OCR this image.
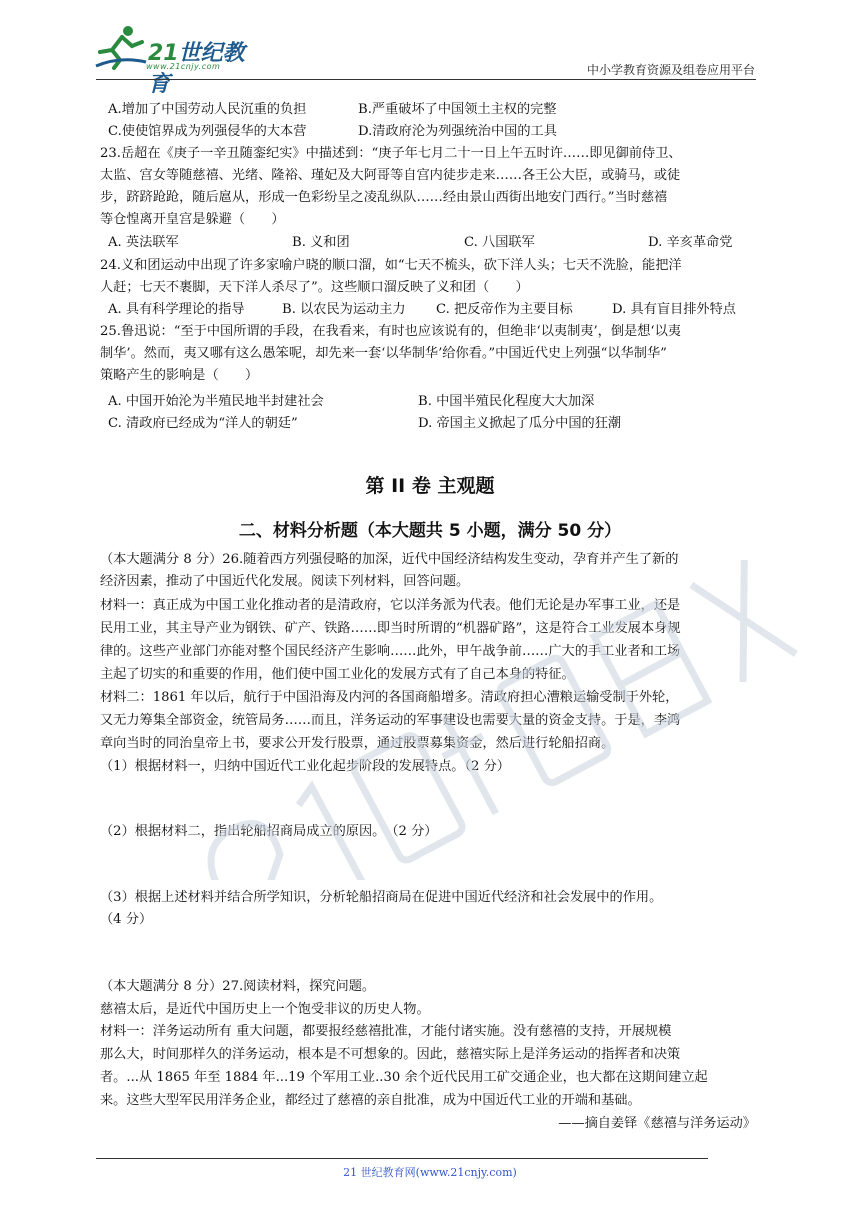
21世纪教育
www.21cnjy.com	中小学教育资源及组卷应用平台
A.增加了中国劳动人民沉重的负担	B.严重破坏了中国领土主权的完整
C.使使馆界成为列强侵华的大本营	D.清政府沦为列强统治中国的工具
23.岳超在《庚子一辛丑随銮纪实》中描述到：“庚子年七月二十一日上午五时许……即见御前侍卫、
太监、宫女等随慈禧、光绪、隆裕、瑾妃及大阿哥等自宫内徒步走来……各王公大臣，或骑马，或徒
步，跻跻跄跄，随后扈从，形成一色彩纷呈之凌乱纵队……经由景山西街出地安门西行。”当时慈禧
等仓惶离开皇宫是躲避（　　）
A. 英法联军	B. 义和团	C. 八国联军	D. 辛亥革命党
24.义和团运动中出现了许多家喻户晓的顺口溜，如“七天不梳头，砍下洋人头；七天不洗脸，能把洋
人赶；七天不裹脚，天下洋人杀尽了”。这些顺口溜反映了义和团（　　）
A. 具有科学理论的指导	B. 以农民为运动主力 C. 把反帝作为主要目标	D. 具有盲目排外特点
25.鲁迅说：“至于中国所谓的手段，在我看来，有时也应该说有的，但绝非‘以夷制夷’，倒是想‘以夷
制华’。然而，夷又哪有这么愚笨呢，却先来一套‘以华制华’给你看。”中国近代史上列强“以华制华”
策略产生的影响是（　　）
A. 中国开始沦为半殖民地半封建社会	B. 中国半殖民化程度大大加深
C. 清政府已经成为“洋人的朝廷”	D. 帝国主义掀起了瓜分中国的狂潮
第 II 卷 主观题
二、材料分析题（本大题共 5 小题，满分 50 分）
（本大题满分 8 分）26.随着西方列强侵略的加深，近代中国经济结构发生变动，孕育并产生了新的
经济因素，推动了中国近代化发展。阅读下列材料，回答问题。
材料一：真正成为中国工业化推动者的是清政府，它以洋务派为代表。他们无论是办军事工业，还是
民用工业，其主导产业为钢铁、矿产、铁路……即当时所谓的“机器矿路”，这是符合工业发展本身规
律的。这些产业部门亦能对整个国民经济产生影响……此外，甲午战争前……广大的手工业者和工场
主起了切实的和重要的作用，他们使中国工业化的发展方式有了自己本身的特征。
材料二：1861 年以后，航行于中国沿海及内河的各国商船增多。清政府担心漕粮运输受制于外轮，
又无力筹集全部资金，统管局务……而且，洋务运动的军事建设也需要大量的资金支持。于是，李鸿
章向当时的同治皇帝上书，要求公开发行股票，通过股票募集资金，然后进行轮船招商。
（1）根据材料一，归纳中国近代工业化起步阶段的发展特点。（2 分）
（2）根据材料二，指出轮船招商局成立的原因。　（2 分）
（3）根据上述材料并结合所学知识，分析轮船招商局在促进中国近代经济和社会发展中的作用。
（4 分）
（本大题满分 8 分）27.阅读材料，探究问题。
慈禧太后，是近代中国历史上一个饱受非议的历史人物。
材料一：洋务运动所有 重大问题，都要报经慈禧批准，才能付诸实施。没有慈禧的支持，开展规模
那么大，时间那样久的洋务运动，根本是不可想象的。因此，慈禧实际上是洋务运动的指挥者和决策
者。...从 1865 年至 1884 年...19 个军用工业..30 余个近代民用工矿交通企业，也大都在这期间建立起
来。这些大型军民用洋务企业，都经过了慈禧的亲自批准，成为中国近代工业的开端和基础。
——摘自姜铎《慈禧与洋务运动》
21 世纪教育网(www.21cnjy.com)
